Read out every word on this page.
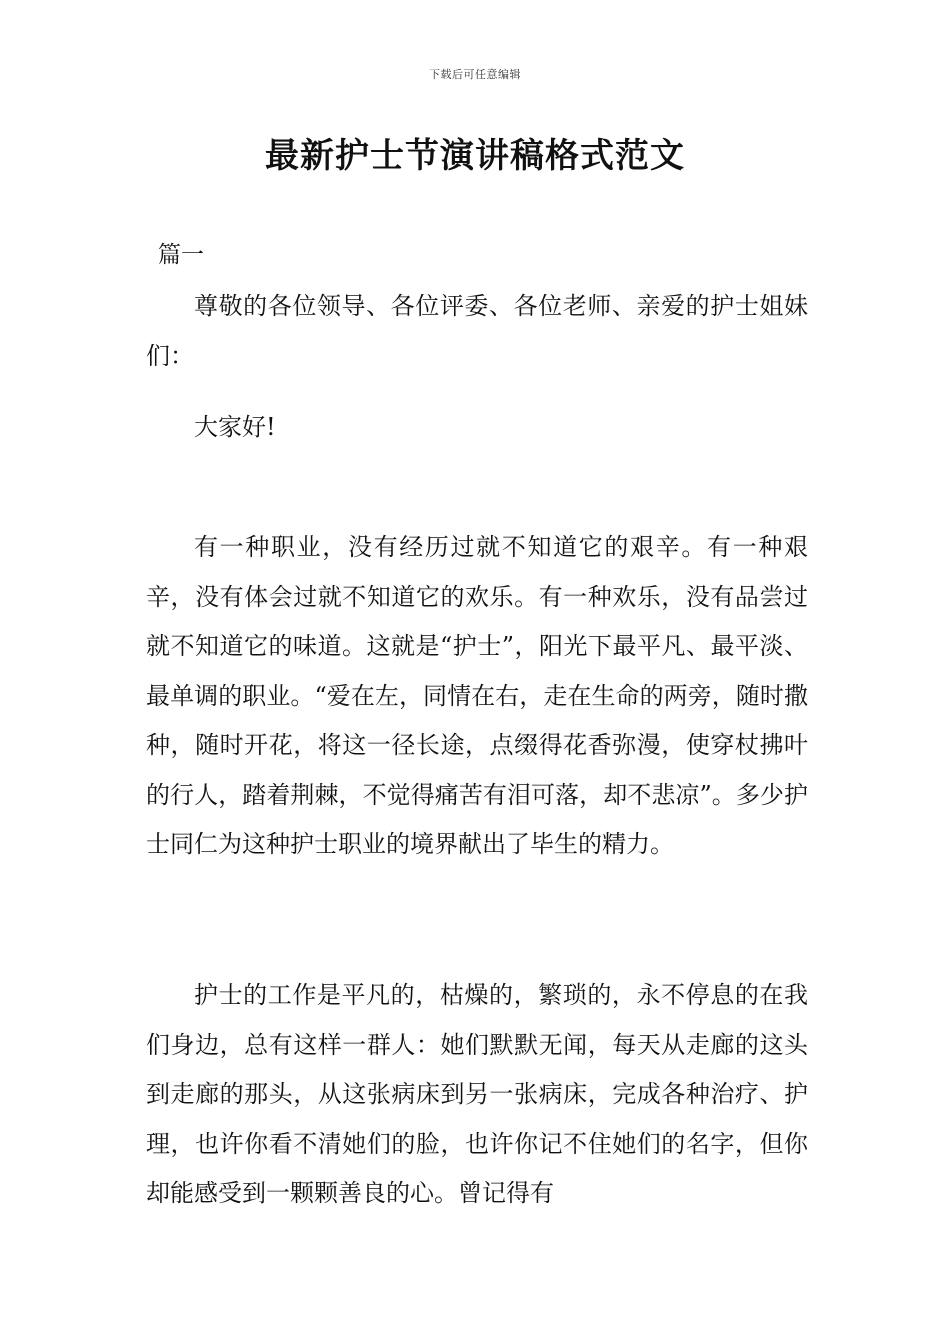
下载后可任意编辑
最新护士节演讲稿格式范文
篇一

尊敬的各位领导、各位评委、各位老师、亲爱的护士姐妹们：

大家好!

有一种职业，没有经历过就不知道它的艰辛。有一种艰辛，没有体会过就不知道它的欢乐。有一种欢乐，没有品尝过就不知道它的味道。这就是“护士”，阳光下最平凡、最平淡、最单调的职业。“爱在左，同情在右，走在生命的两旁，随时撒种，随时开花，将这一径长途，点缀得花香弥漫，使穿杖拂叶的行人，踏着荆棘，不觉得痛苦有泪可落，却不悲凉”。多少护士同仁为这种护士职业的境界献出了毕生的精力。

护士的工作是平凡的，枯燥的，繁琐的，永不停息的在我们身边，总有这样一群人：她们默默无闻，每天从走廊的这头到走廊的那头，从这张病床到另一张病床，完成各种治疗、护理，也许你看不清她们的脸，也许你记不住她们的名字，但你却能感受到一颗颗善良的心。曾记得有
